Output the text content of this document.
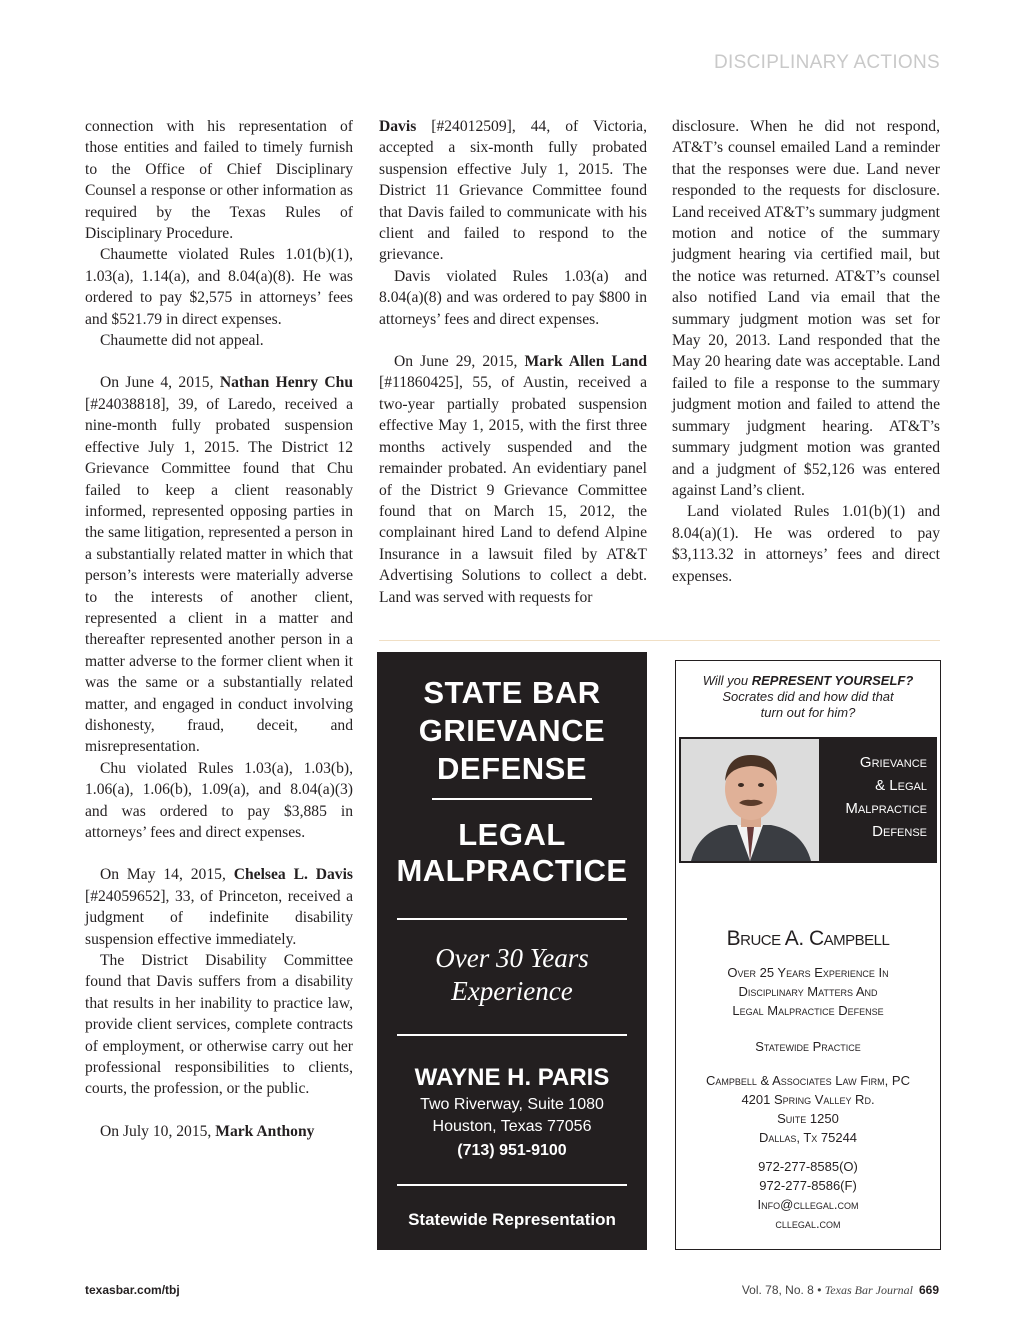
DISCIPLINARY ACTIONS

connection with his representation of those entities and failed to timely furnish to the Office of Chief Disciplinary Counsel a response or other information as required by the Texas Rules of Disciplinary Procedure.

Chaumette violated Rules 1.01(b)(1), 1.03(a), 1.14(a), and 8.04(a)(8). He was ordered to pay $2,575 in attorneys’ fees and $521.79 in direct expenses.

Chaumette did not appeal.

On June 4, 2015, Nathan Henry Chu [#24038818], 39, of Laredo, received a nine-month fully probated suspension effective July 1, 2015. The District 12 Grievance Committee found that Chu failed to keep a client reasonably informed, represented opposing parties in the same litigation, represented a person in a substantially related matter in which that person’s interests were materially adverse to the interests of another client, represented a client in a matter and thereafter represented another person in a matter adverse to the former client when it was the same or a substantially related matter, and engaged in conduct involving dishonesty, fraud, deceit, and misrepresentation.

Chu violated Rules 1.03(a), 1.03(b), 1.06(a), 1.06(b), 1.09(a), and 8.04(a)(3) and was ordered to pay $3,885 in attorneys’ fees and direct expenses.

On May 14, 2015, Chelsea L. Davis [#24059652], 33, of Princeton, received a judgment of indefinite disability suspension effective immediately.

The District Disability Committee found that Davis suffers from a disability that results in her inability to practice law, provide client services, complete contracts of employment, or otherwise carry out her professional responsibilities to clients, courts, the profession, or the public.

On July 10, 2015, Mark Anthony

Davis [#24012509], 44, of Victoria, accepted a six-month fully probated suspension effective July 1, 2015. The District 11 Grievance Committee found that Davis failed to communicate with his client and failed to respond to the grievance.

Davis violated Rules 1.03(a) and 8.04(a)(8) and was ordered to pay $800 in attorneys’ fees and direct expenses.

On June 29, 2015, Mark Allen Land [#11860425], 55, of Austin, received a two-year partially probated suspension effective May 1, 2015, with the first three months actively suspended and the remainder probated. An evidentiary panel of the District 9 Grievance Committee found that on March 15, 2012, the complainant hired Land to defend Alpine Insurance in a lawsuit filed by AT&T Advertising Solutions to collect a debt. Land was served with requests for

disclosure. When he did not respond, AT&T’s counsel emailed Land a reminder that the responses were due. Land never responded to the requests for disclosure. Land received AT&T’s summary judgment motion and notice of the summary judgment hearing via certified mail, but the notice was returned. AT&T’s counsel also notified Land via email that the summary judgment motion was set for May 20, 2013. Land responded that the May 20 hearing date was acceptable. Land failed to file a response to the summary judgment motion and failed to attend the summary judgment hearing. AT&T’s summary judgment motion was granted and a judgment of $52,126 was entered against Land’s client.

Land violated Rules 1.01(b)(1) and 8.04(a)(1). He was ordered to pay $3,113.32 in attorneys’ fees and direct expenses.

STATE BAR
GRIEVANCE
DEFENSE
LEGAL
MALPRACTICE
Over 30 Years
Experience
WAYNE H. PARIS
Two Riverway, Suite 1080
Houston, Texas 77056
(713) 951-9100
Statewide Representation
Will you REPRESENT YOURSELF?
Socrates did and how did that
turn out for him?
Grievance
& Legal
Malpractice
Defense
Bruce A. Campbell
Over 25 Years Experience In
Disciplinary Matters And
Legal Malpractice Defense
Statewide Practice
Campbell & Associates Law Firm, PC
4201 Spring Valley Rd.
Suite 1250
Dallas, Tx 75244
972-277-8585(O)
972-277-8586(F)
Info@cllegal.com
cllegal.com
texasbar.com/tbj	Vol. 78, No. 8 • Texas Bar Journal 669
